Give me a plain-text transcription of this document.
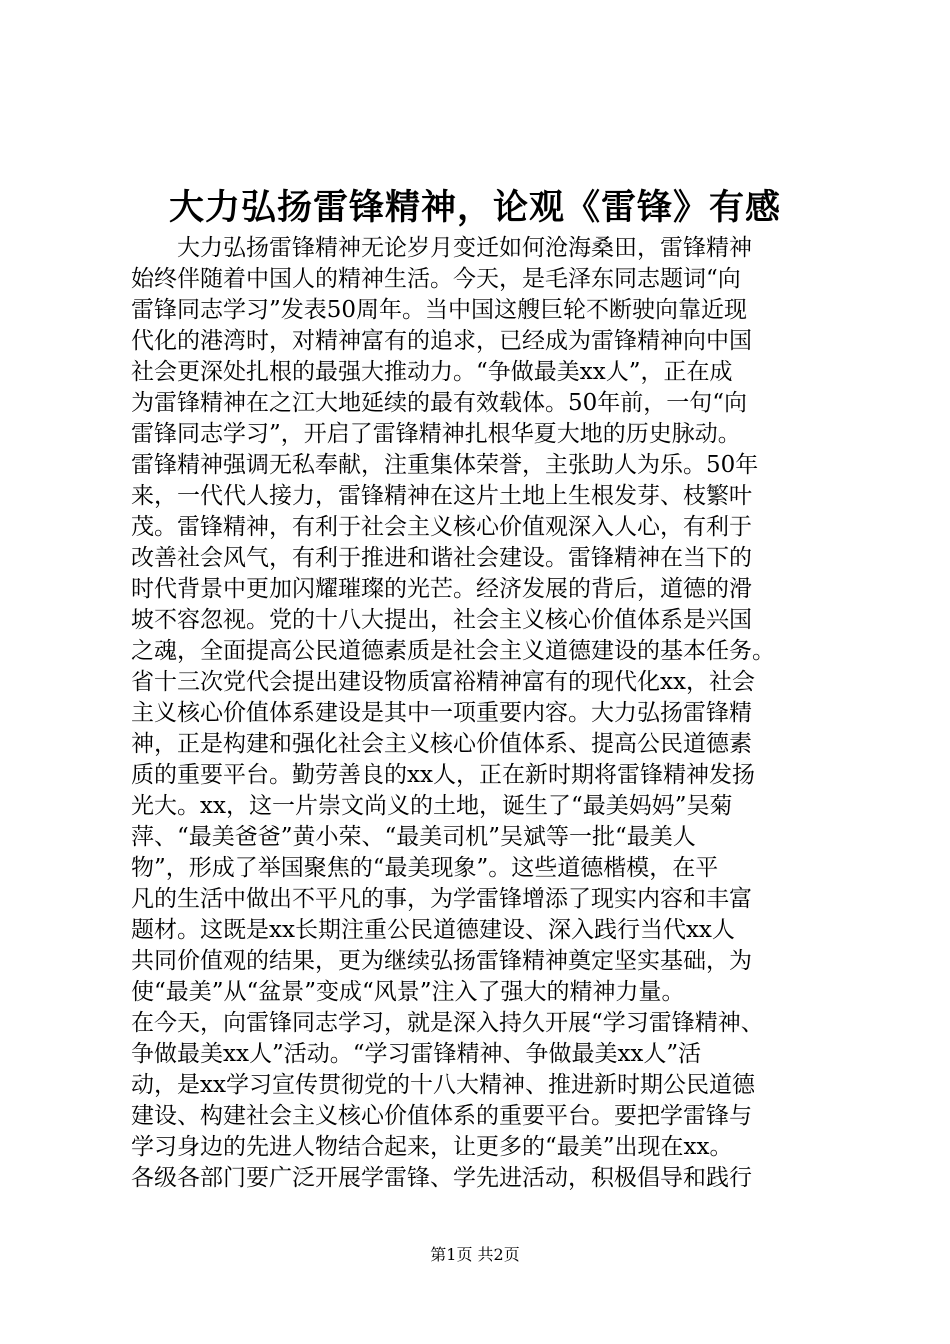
大力弘扬雷锋精神，论观《雷锋》有感
大力弘扬雷锋精神无论岁月变迁如何沧海桑田，雷锋精神
始终伴随着中国人的精神生活。今天，是毛泽东同志题词“向
雷锋同志学习”发表50周年。当中国这艘巨轮不断驶向靠近现
代化的港湾时，对精神富有的追求，已经成为雷锋精神向中国
社会更深处扎根的最强大推动力。“争做最美xx人”，正在成
为雷锋精神在之江大地延续的最有效载体。50年前，一句“向
雷锋同志学习”，开启了雷锋精神扎根华夏大地的历史脉动。
雷锋精神强调无私奉献，注重集体荣誉，主张助人为乐。50年
来，一代代人接力，雷锋精神在这片土地上生根发芽、枝繁叶
茂。雷锋精神，有利于社会主义核心价值观深入人心，有利于
改善社会风气，有利于推进和谐社会建设。雷锋精神在当下的
时代背景中更加闪耀璀璨的光芒。经济发展的背后，道德的滑
坡不容忽视。党的十八大提出，社会主义核心价值体系是兴国
之魂，全面提高公民道德素质是社会主义道德建设的基本任务。
省十三次党代会提出建设物质富裕精神富有的现代化xx，社会
主义核心价值体系建设是其中一项重要内容。大力弘扬雷锋精
神，正是构建和强化社会主义核心价值体系、提高公民道德素
质的重要平台。勤劳善良的xx人，正在新时期将雷锋精神发扬
光大。xx，这一片崇文尚义的土地，诞生了“最美妈妈”吴菊
萍、“最美爸爸”黄小荣、“最美司机”吴斌等一批“最美人
物”，形成了举国聚焦的“最美现象”。这些道德楷模，在平
凡的生活中做出不平凡的事，为学雷锋增添了现实内容和丰富
题材。这既是xx长期注重公民道德建设、深入践行当代xx人
共同价值观的结果，更为继续弘扬雷锋精神奠定坚实基础，为
使“最美”从“盆景”变成“风景”注入了强大的精神力量。
在今天，向雷锋同志学习，就是深入持久开展“学习雷锋精神、
争做最美xx人”活动。“学习雷锋精神、争做最美xx人”活
动，是xx学习宣传贯彻党的十八大精神、推进新时期公民道德
建设、构建社会主义核心价值体系的重要平台。要把学雷锋与
学习身边的先进人物结合起来，让更多的“最美”出现在xx。
各级各部门要广泛开展学雷锋、学先进活动，积极倡导和践行
第1页 共2页
